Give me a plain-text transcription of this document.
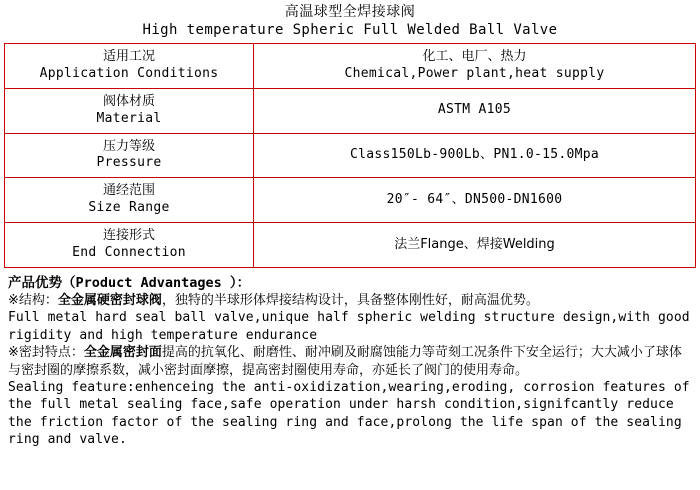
高温球型全焊接球阀
High temperature Spheric Full Welded Ball Valve
适用工况
Application Conditions	化工、电厂、热力
Chemical,Power plant,heat supply

阀体材质
Material	ASTM A105

压力等级
Pressure	Class150Lb-900Lb、PN1.0-15.0Mpa

通经范围
Size Range	20″- 64″、DN500-DN1600

连接形式
End Connection	法兰Flange、焊接Welding
产品优势（Product Advantages ）：
※结构：全金属硬密封球阀，独特的半球形体焊接结构设计，具备整体刚性好，耐高温优势。
Full metal hard seal ball valve,unique half spheric welding structure design,with good rigidity and high temperature endurance
※密封特点：全金属密封面提高的抗氧化、耐磨性、耐冲刷及耐腐蚀能力等苛刻工况条件下安全运行；大大减小了球体与密封圈的摩擦系数，减小密封面摩擦，提高密封圈使用寿命，亦延长了阀门的使用寿命。
Sealing feature:enhenceing the anti-oxidization,wearing,eroding, corrosion features of the full metal sealing face,safe operation under harsh condition,signifcantly reduce the friction factor of the sealing ring and face,prolong the life span of the sealing ring and valve.
